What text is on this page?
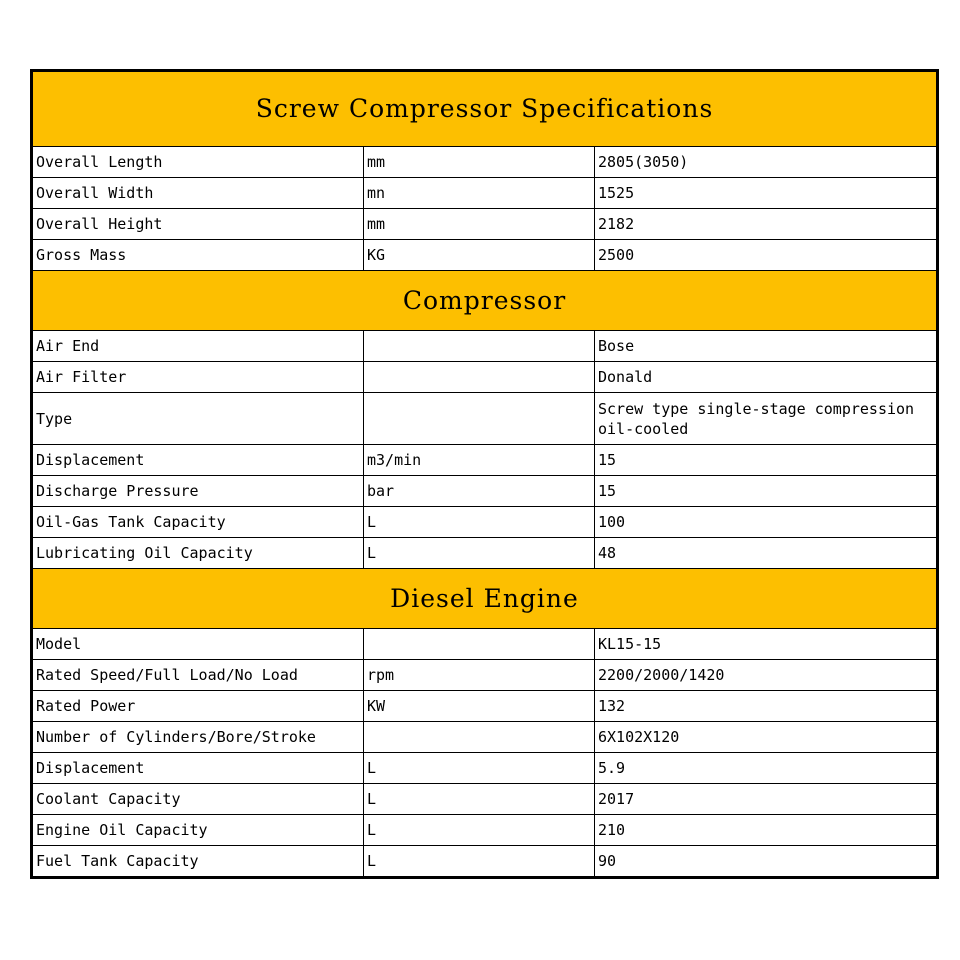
Screw Compressor Specifications		
Overall Length	mm	2805(3050)
Overall Width	mn	1525
Overall Height	mm	2182
Gross Mass	KG	2500
Compressor		
Air End		Bose
Air Filter		Donald
Type		Screw type single-stage compression oil-cooled
Displacement	m3/min	15
Discharge Pressure	bar	15
Oil-Gas Tank Capacity	L	100
Lubricating Oil Capacity	L	48
Diesel Engine		
Model		KL15-15
Rated Speed/Full Load/No Load	rpm	2200/2000/1420
Rated Power	KW	132
Number of Cylinders/Bore/Stroke		6X102X120
Displacement	L	5.9
Coolant Capacity	L	2017
Engine Oil Capacity	L	210
Fuel Tank Capacity	L	90
